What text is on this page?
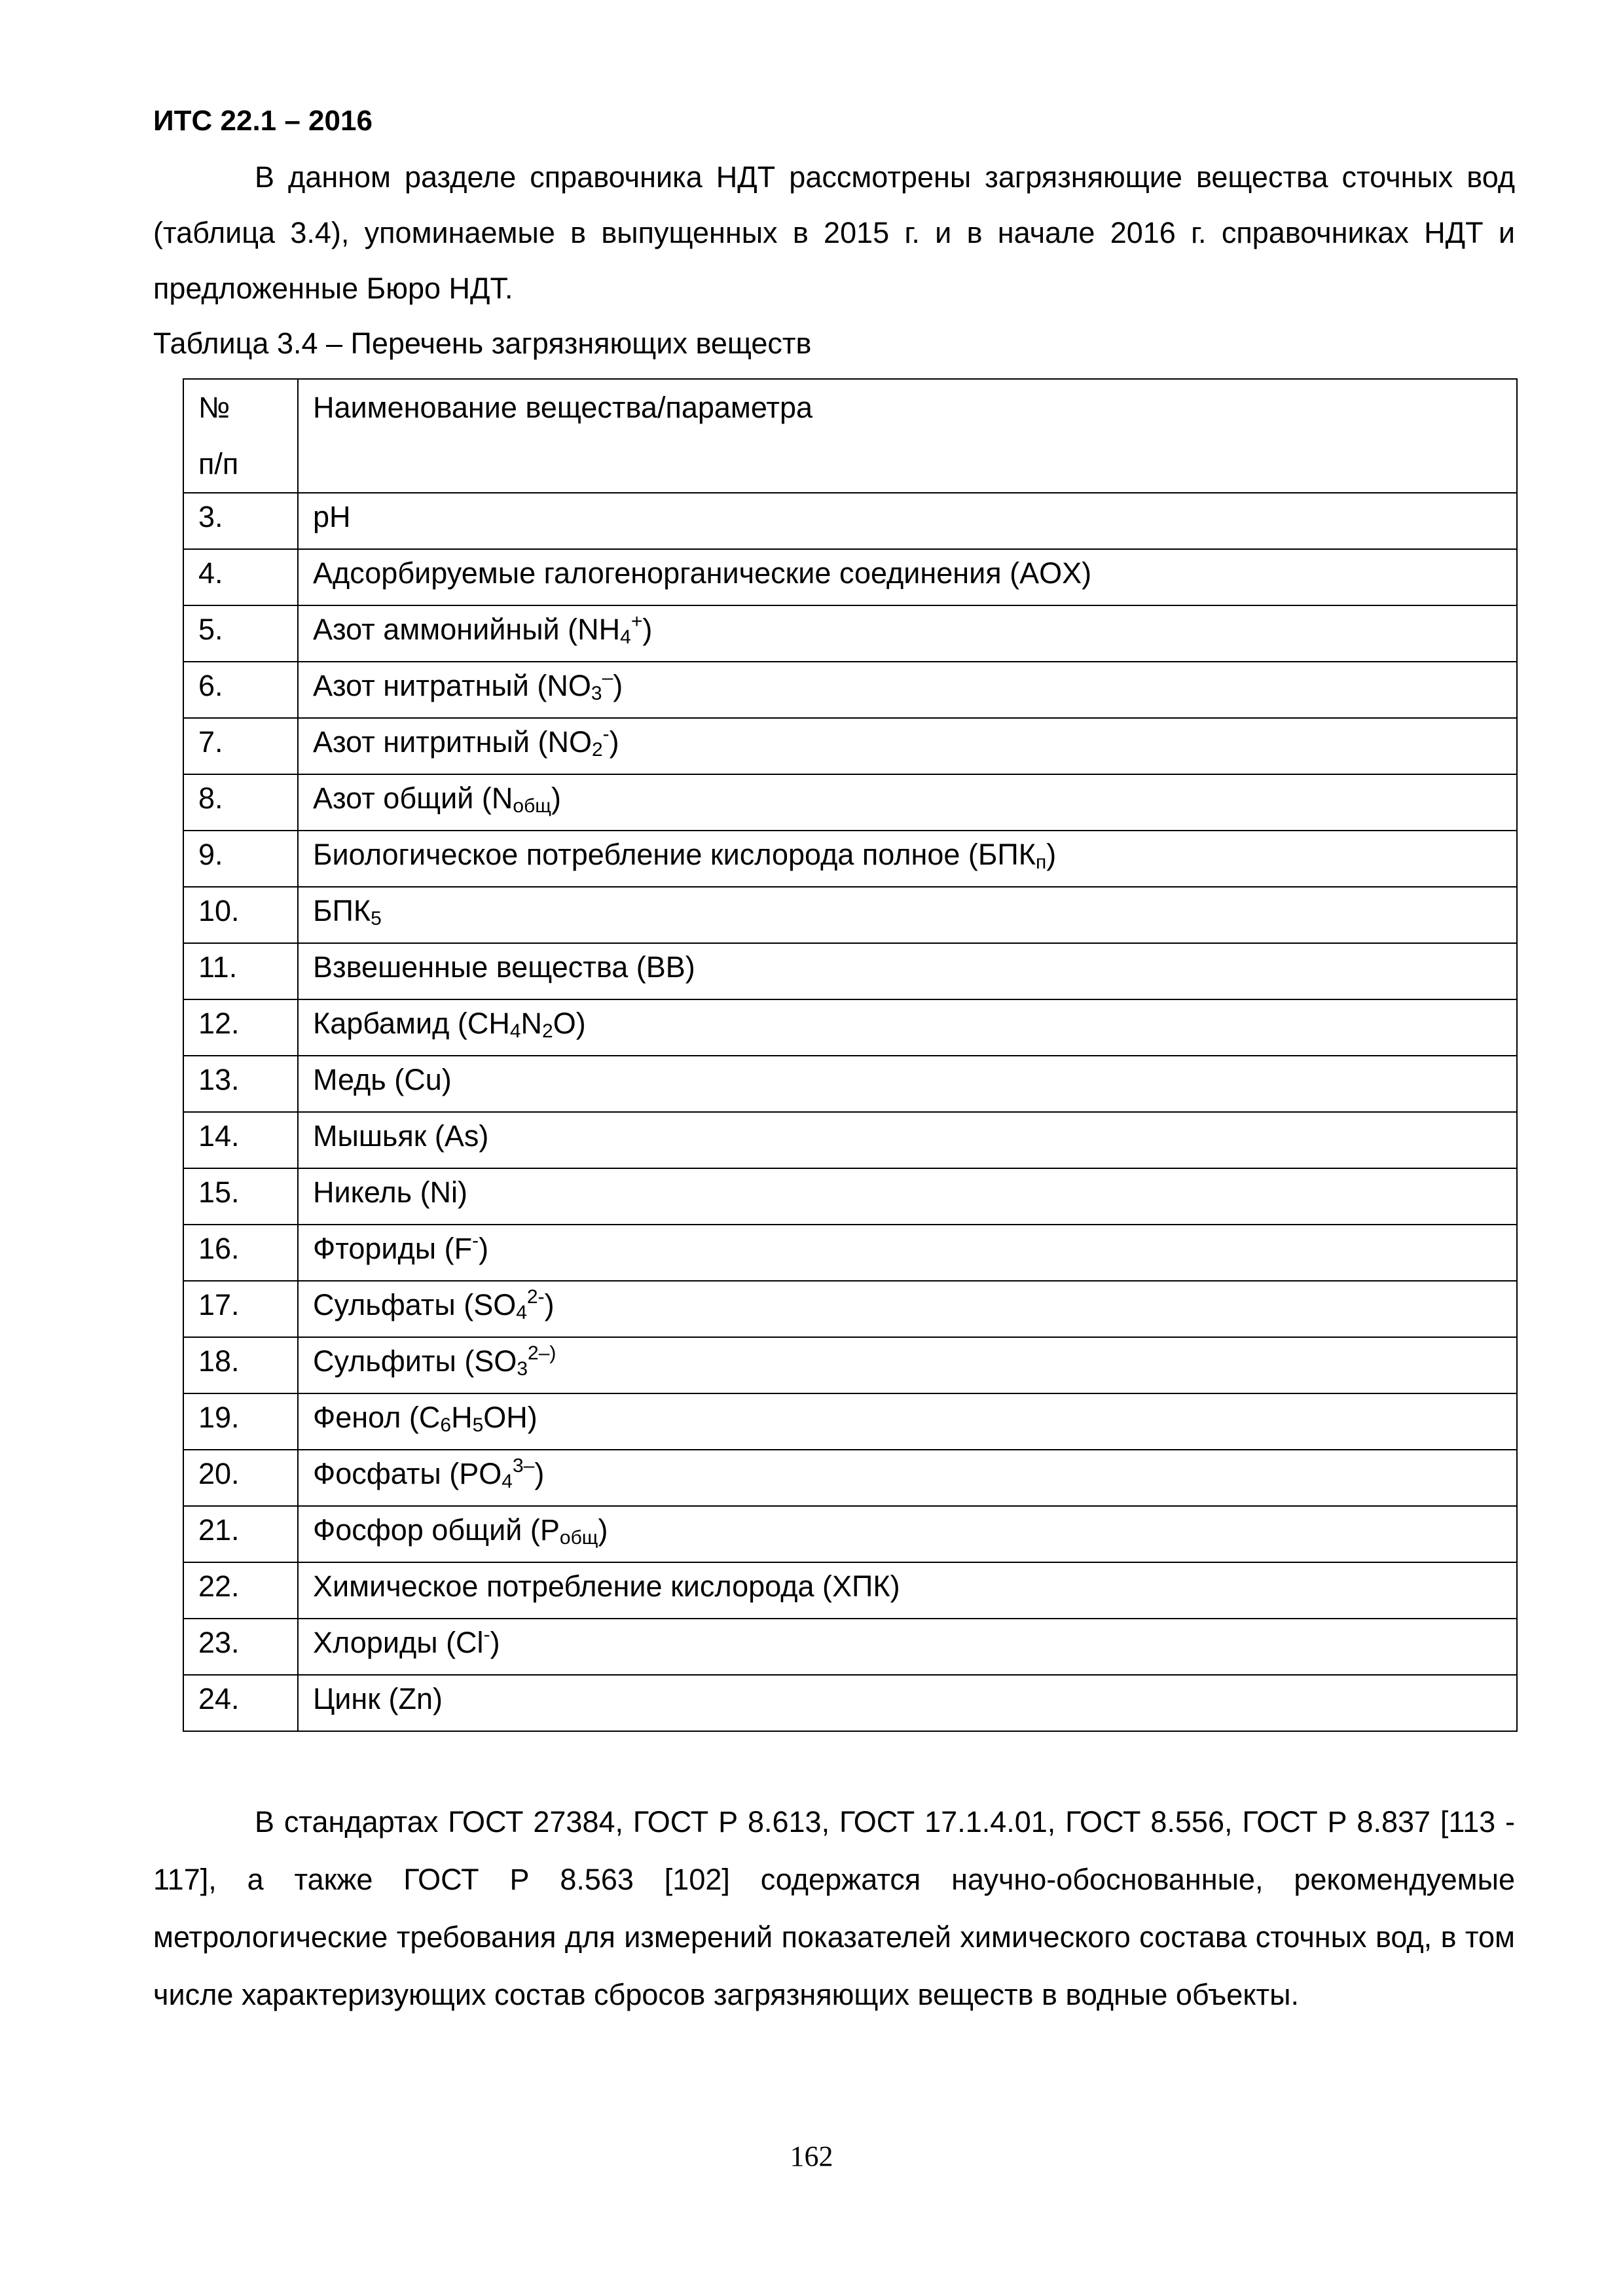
ИТС 22.1 – 2016

В данном разделе справочника НДТ рассмотрены загрязняющие вещества сточных вод (таблица 3.4), упоминаемые в выпущенных в 2015 г. и в начале 2016 г. справочниках НДТ и предложенные Бюро НДТ.

Таблица 3.4 – Перечень загрязняющих веществ
№
п/п	Наименование вещества/параметра
3.	pH
4.	Адсорбируемые галогенорганические соединения (AOX)
5.	Азот аммонийный $(NH_4^+)$
6.	Азот нитратный $(NO_3^-)$
7.	Азот нитритный $(NO_2^-)$
8.	Азот общий $(N_{общ})$
9.	Биологическое потребление кислорода полное $(БПК_п)$
10.	$БПК_5$
11.	Взвешенные вещества (ВВ)
12.	Карбамид $(CH_4N_2O)$
13.	Медь (Cu)
14.	Мышьяк (As)
15.	Никель (Ni)
16.	Фториды (F-)
17.	Сульфаты $(SO_4^{2-})$
18.	Сульфиты ($SO_3^{2-)}$
19.	Фенол $(C_6H_5OH)$
20.	Фосфаты $(PO_4^{3-})$
21.	Фосфор общий $(P_{общ})$
22.	Химическое потребление кислорода (ХПК)
23.	Хлориды (Cl-)
24.	Цинк (Zn)

В стандартах ГОСТ 27384, ГОСТ Р 8.613, ГОСТ 17.1.4.01, ГОСТ 8.556, ГОСТ Р 8.837 [113 - 117], а также ГОСТ Р 8.563 [102] содержатся научно-обоснованные, рекомендуемые метрологические требования для измерений показателей химического состава сточных вод, в том числе характеризующих состав сбросов загрязняющих веществ в водные объекты.

162
